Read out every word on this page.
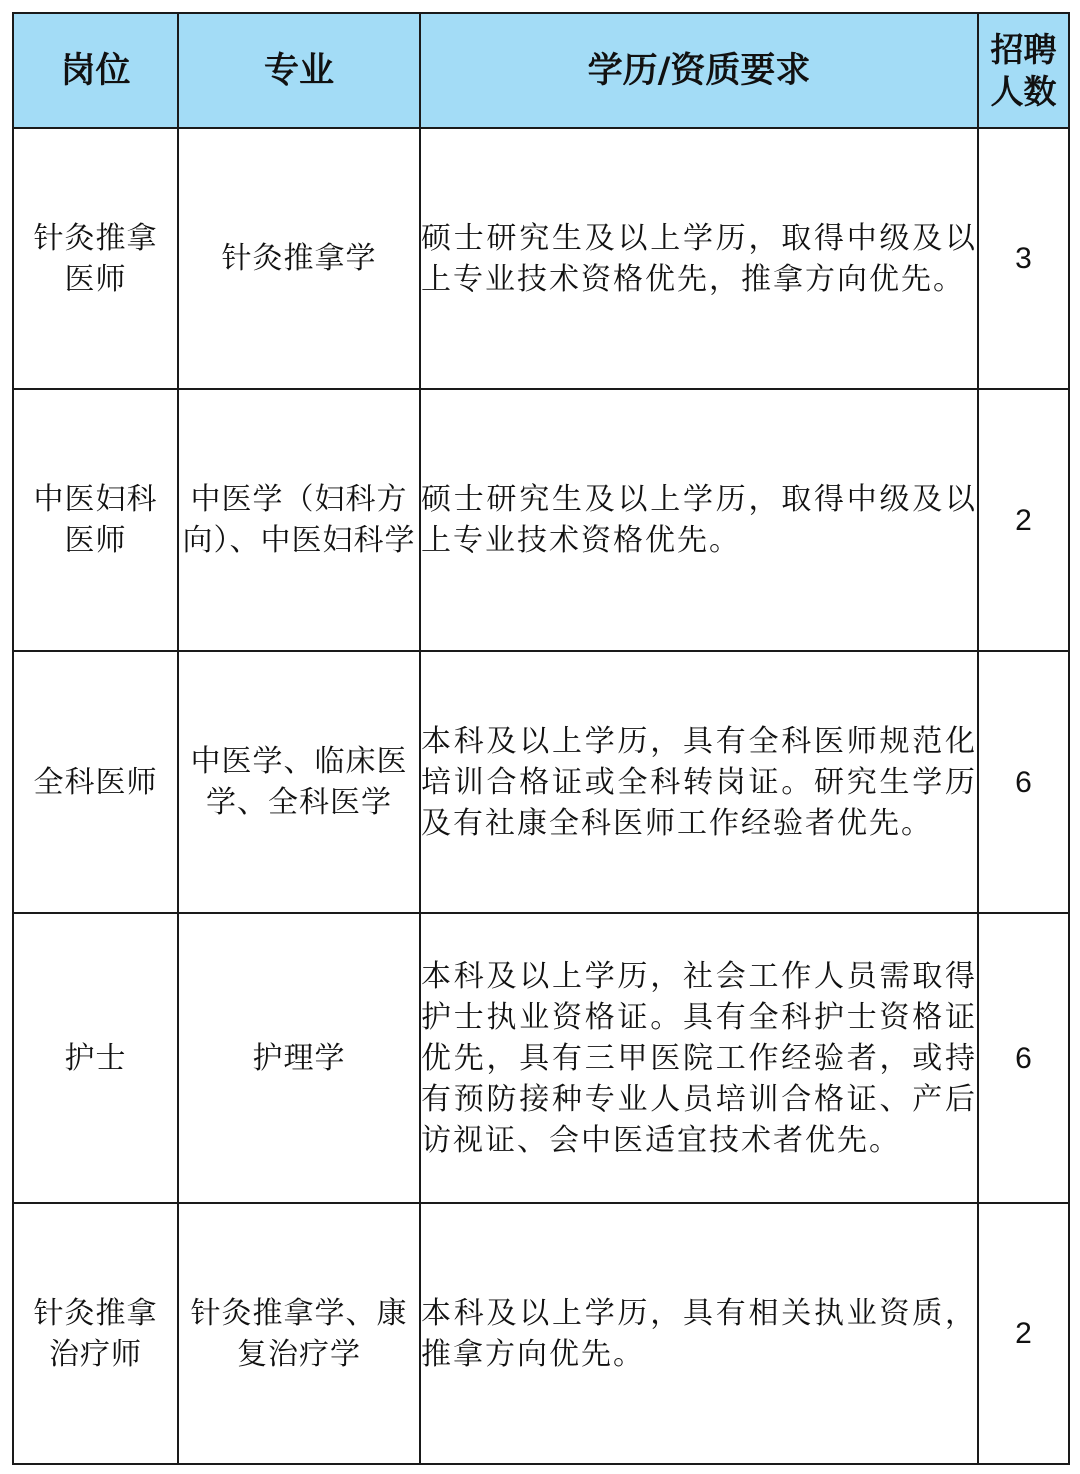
岗位	专业	学历/资质要求	招聘
人数

针灸推拿医师	针灸推拿学	硕士研究生及以上学历，取得中级及以上专业技术资格优先，推拿方向优先。	3

中医妇科医师	中医学（妇科方向）、中医妇科学	硕士研究生及以上学历，取得中级及以上专业技术资格优先。	2

全科医师	中医学、临床医学、全科医学	本科及以上学历，具有全科医师规范化培训合格证或全科转岗证。研究生学历及有社康全科医师工作经验者优先。	6

护士	护理学	本科及以上学历，社会工作人员需取得护士执业资格证。具有全科护士资格证优先，具有三甲医院工作经验者，或持有预防接种专业人员培训合格证、产后访视证、会中医适宜技术者优先。	6

针灸推拿治疗师	针灸推拿学、康复治疗学	本科及以上学历，具有相关执业资质，推拿方向优先。	2
